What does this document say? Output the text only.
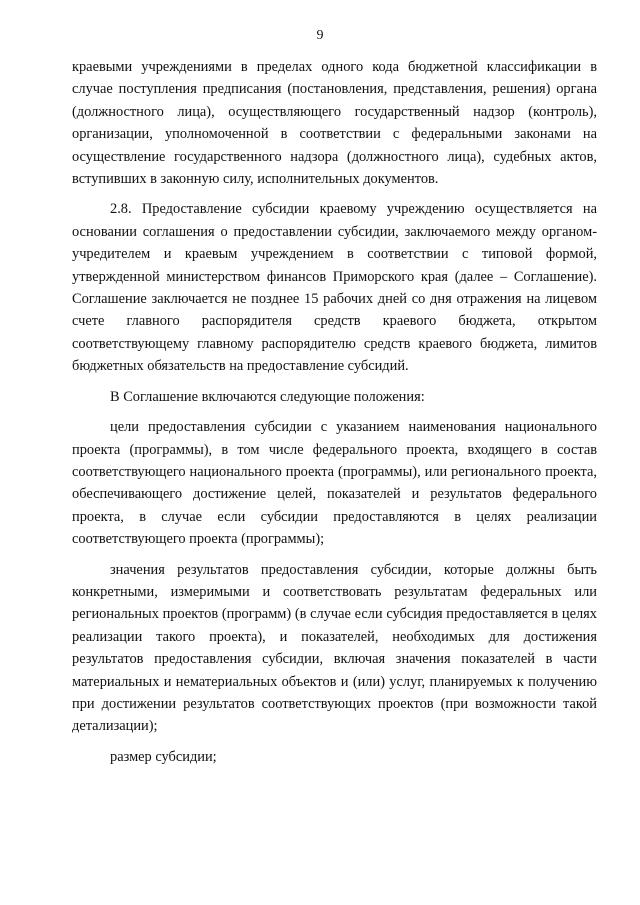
9

краевыми учреждениями в пределах одного кода бюджетной классификации в случае поступления предписания (постановления, представления, решения) органа (должностного лица), осуществляющего государственный надзор (контроль), организации, уполномоченной в соответствии с федеральными законами на осуществление государственного надзора (должностного лица), судебных актов, вступивших в законную силу, исполнительных документов.

2.8. Предоставление субсидии краевому учреждению осуществляется на основании соглашения о предоставлении субсидии, заключаемого между органом-учредителем и краевым учреждением в соответствии с типовой формой, утвержденной министерством финансов Приморского края (далее – Соглашение). Соглашение заключается не позднее 15 рабочих дней со дня отражения на лицевом счете главного распорядителя средств краевого бюджета, открытом соответствующему главному распорядителю средств краевого бюджета, лимитов бюджетных обязательств на предоставление субсидий.

В Соглашение включаются следующие положения:

цели предоставления субсидии с указанием наименования национального проекта (программы), в том числе федерального проекта, входящего в состав соответствующего национального проекта (программы), или регионального проекта, обеспечивающего достижение целей, показателей и результатов федерального проекта, в случае если субсидии предоставляются в целях реализации соответствующего проекта (программы);

значения результатов предоставления субсидии, которые должны быть конкретными, измеримыми и соответствовать результатам федеральных или региональных проектов (программ) (в случае если субсидия предоставляется в целях реализации такого проекта), и показателей, необходимых для достижения результатов предоставления субсидии, включая значения показателей в части материальных и нематериальных объектов и (или) услуг, планируемых к получению при достижении результатов соответствующих проектов (при возможности такой детализации);

размер субсидии;
